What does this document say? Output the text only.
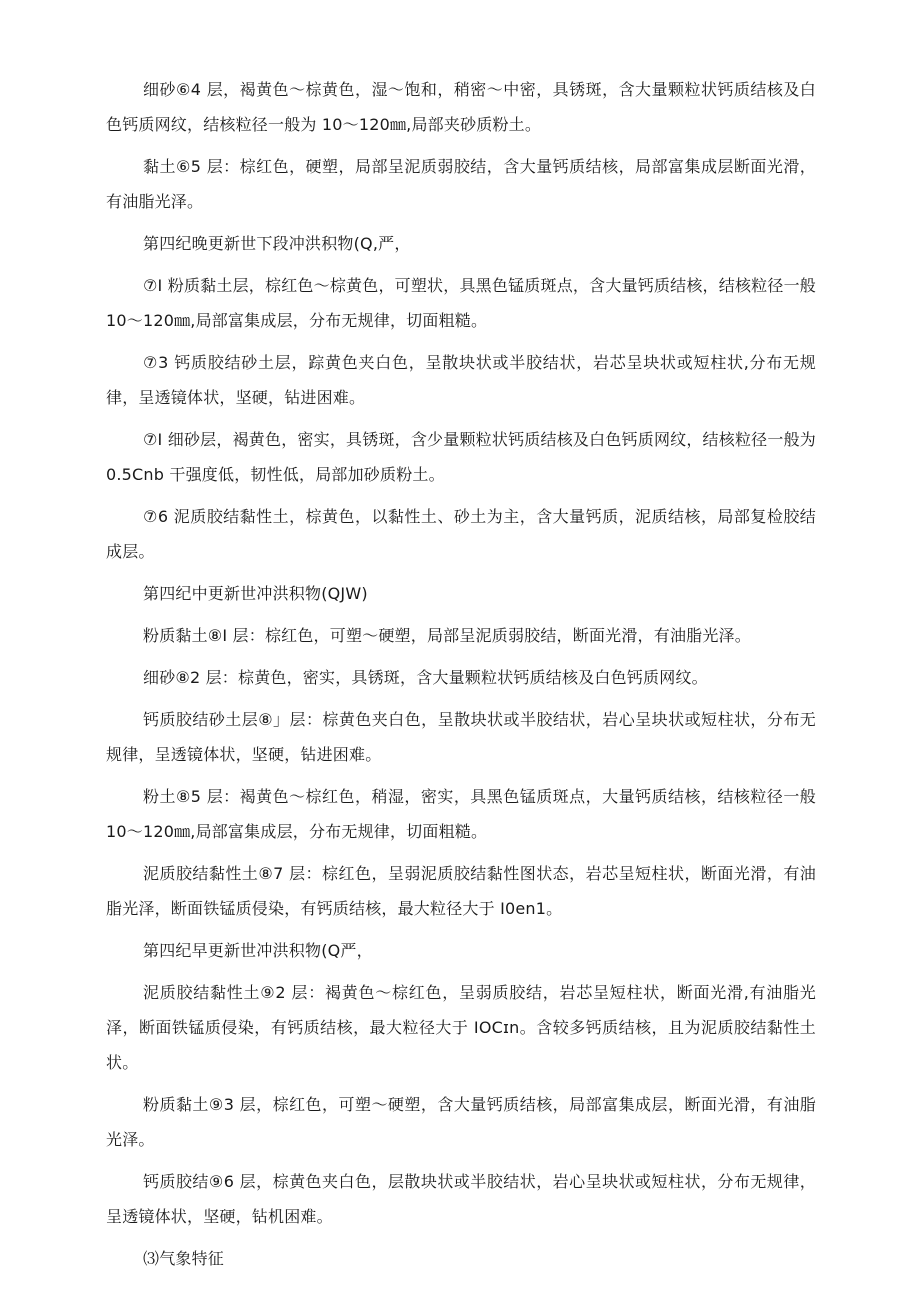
细砂⑥4 层，褐黄色〜棕黄色，湿〜饱和，稍密〜中密，具锈斑，含大量颗粒状钙质结核及白色钙质网纹，结核粒径一般为 10～120㎜,局部夹砂质粉土。

黏土⑥5 层：棕红色，硬塑，局部呈泥质弱胶结，含大量钙质结核，局部富集成层断面光滑，有油脂光泽。

第四纪晚更新世下段冲洪积物(Q,严，

⑦I 粉质黏土层，棕红色〜棕黄色，可塑状，具黑色锰质斑点，含大量钙质结核，结核粒径一般 10～120㎜,局部富集成层，分布无规律，切面粗糙。

⑦3 钙质胶结砂土层，踪黄色夹白色，呈散块状或半胶结状，岩芯呈块状或短柱状,分布无规律，呈透镜体状，坚硬，钻进困难。

⑦I 细砂层，褐黄色，密实，具锈斑，含少量颗粒状钙质结核及白色钙质网纹，结核粒径一般为 0.5Cnb 干强度低，韧性低，局部加砂质粉土。

⑦6 泥质胶结黏性土，棕黄色，以黏性土、砂土为主，含大量钙质，泥质结核，局部复检胶结成层。

第四纪中更新世冲洪积物(QJW)

粉质黏土⑧I 层：棕红色，可塑〜硬塑，局部呈泥质弱胶结，断面光滑，有油脂光泽。

细砂⑧2 层：棕黄色，密实，具锈斑，含大量颗粒状钙质结核及白色钙质网纹。

钙质胶结砂土层⑧」层：棕黄色夹白色，呈散块状或半胶结状，岩心呈块状或短柱状，分布无规律，呈透镜体状，坚硬，钻进困难。

粉土⑧5 层：褐黄色〜棕红色，稍湿，密实，具黑色锰质斑点，大量钙质结核，结核粒径一般 10～120㎜,局部富集成层，分布无规律，切面粗糙。

泥质胶结黏性土⑧7 层：棕红色，呈弱泥质胶结黏性图状态，岩芯呈短柱状，断面光滑，有油脂光泽，断面铁锰质侵染，有钙质结核，最大粒径大于 I0en1。

第四纪早更新世冲洪积物(Q严，

泥质胶结黏性土⑨2 层：褐黄色〜棕红色，呈弱质胶结，岩芯呈短柱状，断面光滑,有油脂光泽，断面铁锰质侵染，有钙质结核，最大粒径大于 IOCɪn。含较多钙质结核，且为泥质胶结黏性土状。

粉质黏土⑨3 层，棕红色，可塑〜硬塑，含大量钙质结核，局部富集成层，断面光滑，有油脂光泽。

钙质胶结⑨6 层，棕黄色夹白色，层散块状或半胶结状，岩心呈块状或短柱状，分布无规律，呈透镜体状，坚硬，钻机困难。

⑶气象特征
